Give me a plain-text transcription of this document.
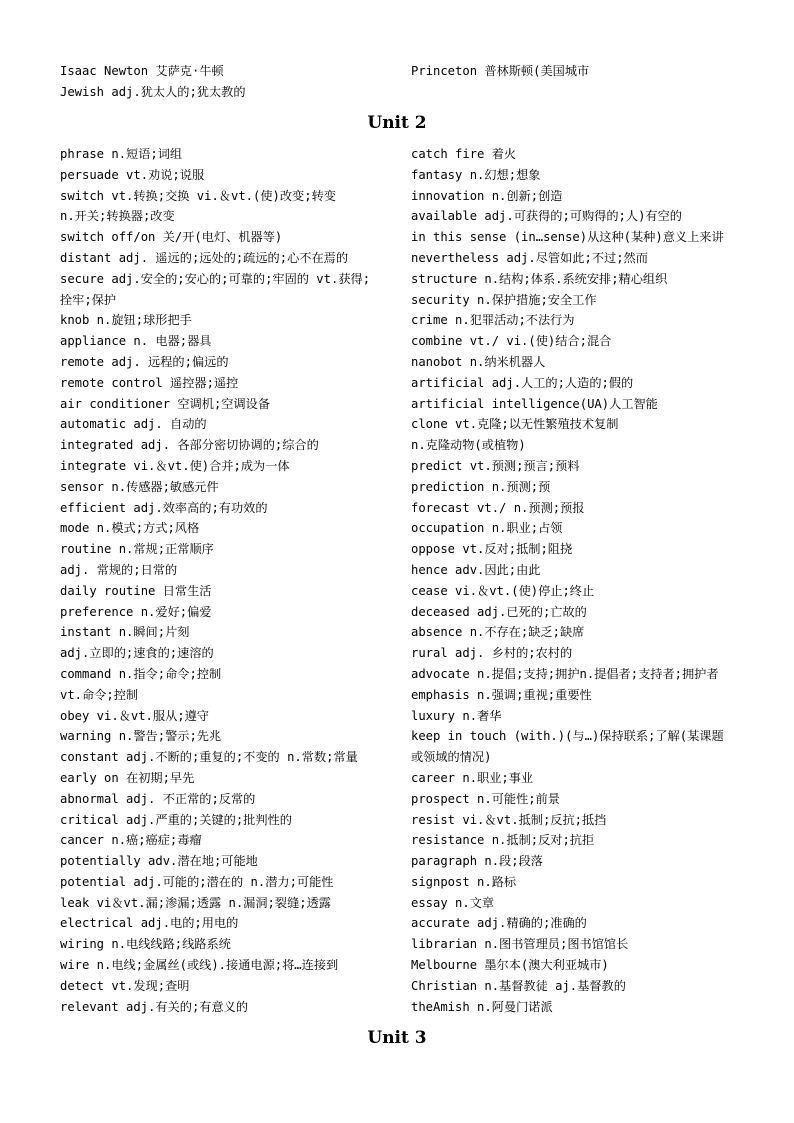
Isaac Newton 艾萨克·牛顿
Jewish adj.犹太人的;犹太教的
Princeton 普林斯顿(美国城市
Unit 2
phrase n.短语;词组
persuade vt.劝说;说服
switch vt.转换;交换 vi.＆vt.(使)改变;转变
n.开关;转换器;改变
switch off/on 关/开(电灯、机器等)
distant adj. 遥远的;远处的;疏远的;心不在焉的
secure adj.安全的;安心的;可靠的;牢固的 vt.获得;
拴牢;保护
knob n.旋钮;球形把手
appliance n. 电器;器具
remote adj. 远程的;偏远的
remote control 遥控器;遥控
air conditioner 空调机;空调设备
automatic adj. 自动的
integrated adj. 各部分密切协调的;综合的
integrate vi.＆vt.使)合并;成为一体
sensor n.传感器;敏感元件
efficient adj.效率高的;有功效的
mode n.模式;方式;风格
routine n.常规;正常顺序
adj. 常规的;日常的
daily routine 日常生活
preference n.爱好;偏爱
instant n.瞬间;片刻
adj.立即的;速食的;速溶的
command n.指令;命令;控制
vt.命令;控制
obey vi.＆vt.服从;遵守
warning n.警告;警示;先兆
constant adj.不断的;重复的;不变的 n.常数;常量
early on 在初期;早先
abnormal adj. 不正常的;反常的
critical adj.严重的;关键的;批判性的
cancer n.癌;癌症;毒瘤
potentially adv.潜在地;可能地
potential adj.可能的;潜在的 n.潜力;可能性
leak vi＆vt.漏;渗漏;透露 n.漏洞;裂缝;透露
electrical adj.电的;用电的
wiring n.电线线路;线路系统
wire n.电线;金属丝(或线).接通电源;将…连接到
detect vt.发现;查明
relevant adj.有关的;有意义的
catch fire 着火
fantasy n.幻想;想象
innovation n.创新;创造
available adj.可获得的;可购得的;人)有空的
in this sense (in…sense)从这种(某种)意义上来讲
nevertheless adj.尽管如此;不过;然而
structure n.结构;体系.系统安排;精心组织
security n.保护措施;安全工作
crime n.犯罪活动;不法行为
combine vt./ vi.(使)结合;混合
nanobot n.纳米机器人
artificial adj.人工的;人造的;假的
artificial intelligence(UA)人工智能
clone vt.克隆;以无性繁殖技术复制
n.克隆动物(或植物)
predict vt.预测;预言;预料
prediction n.预测;预
forecast vt./ n.预测;预报
occupation n.职业;占领
oppose vt.反对;抵制;阻挠
hence adv.因此;由此
cease vi.＆vt.(使)停止;终止
deceased adj.已死的;亡故的
absence n.不存在;缺乏;缺席
rural adj. 乡村的;农村的
advocate n.提倡;支持;拥护n.提倡者;支持者;拥护者
emphasis n.强调;重视;重要性
luxury n.奢华
keep in touch (with.)(与…)保持联系;了解(某课题
或领域的情况)
career n.职业;事业
prospect n.可能性;前景
resist vi.＆vt.抵制;反抗;抵挡
resistance n.抵制;反对;抗拒
paragraph n.段;段落
signpost n.路标
essay n.文章
accurate adj.精确的;准确的
librarian n.图书管理员;图书馆馆长
Melbourne 墨尔本(澳大利亚城市)
Christian n.基督教徒 aj.基督教的
theAmish n.阿曼门诺派
Unit 3
